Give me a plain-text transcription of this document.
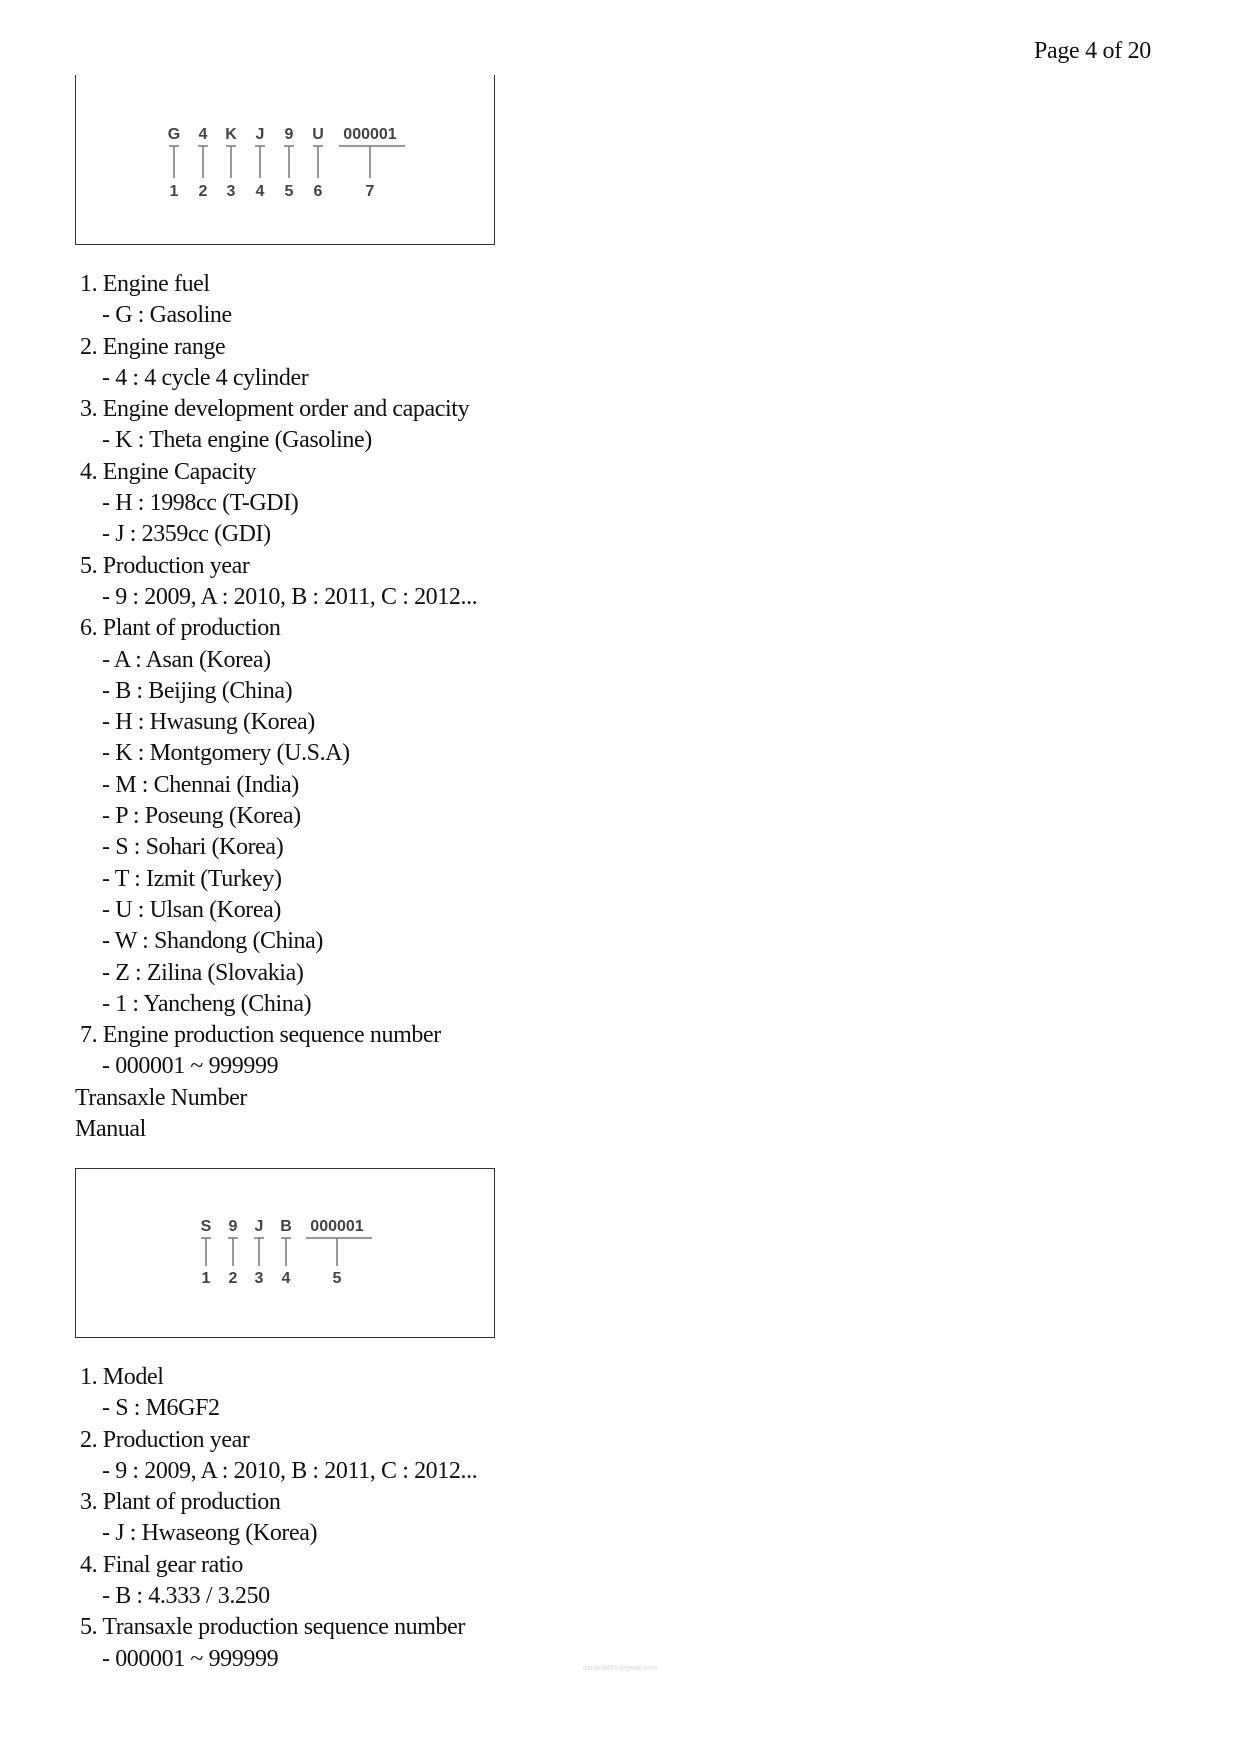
Page 4 of 20
G 4 K J 9 U 000001
1 2 3 4 5 6	7
1. Engine fuel
- G : Gasoline
2. Engine range
- 4 : 4 cycle 4 cylinder
3. Engine development order and capacity
- K : Theta engine (Gasoline)
4. Engine Capacity
- H : 1998cc (T-GDI)
- J : 2359cc (GDI)
5. Production year
- 9 : 2009, A : 2010, B : 2011, C : 2012...
6. Plant of production
- A : Asan (Korea)
- B : Beijing (China)
- H : Hwasung (Korea)
- K : Montgomery (U.S.A)
- M : Chennai (India)
- P : Poseung (Korea)
- S : Sohari (Korea)
- T : Izmit (Turkey)
- U : Ulsan (Korea)
- W : Shandong (China)
- Z : Zilina (Slovakia)
- 1 : Yancheng (China)
7. Engine production sequence number
- 000001 ~ 999999
Transaxle Number
Manual
S 9 J B 000001
1 2 3 4	5
1. Model
- S : M6GF2
2. Production year
- 9 : 2009, A : 2010, B : 2011, C : 2012...
3. Plant of production
- J : Hwaseong (Korea)
4. Final gear ratio
- B : 4.333 / 3.250
5. Transaxle production sequence number
- 000001 ~ 999999	tomari0455@gmail.com
